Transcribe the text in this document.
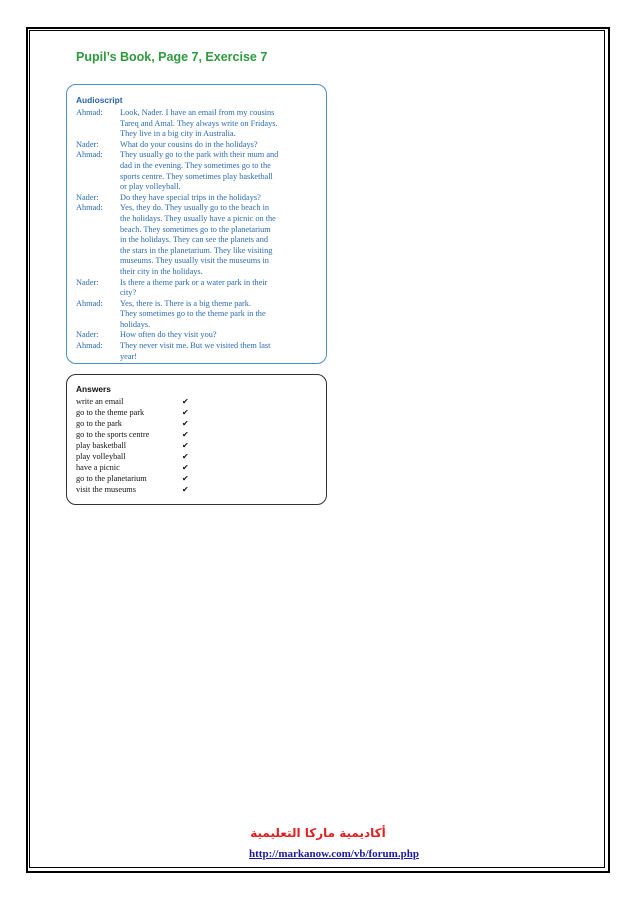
Pupil’s Book, Page 7, Exercise 7
Audioscript
Ahmad:	Look, Nader. I have an email from my cousins
Tareq and Amal. They always write on Fridays.
They live in a big city in Australia.
Nader:	What do your cousins do in the holidays?
Ahmad:	They usually go to the park with their mum and
dad in the evening. They sometimes go to the
sports centre. They sometimes play basketball
or play volleyball.
Nader:	Do they have special trips in the holidays?
Ahmad:	Yes, they do. They usually go to the beach in
the holidays. They usually have a picnic on the
beach. They sometimes go to the planetarium
in the holidays. They can see the planets and
the stars in the planetarium. They like visiting
museums. They usually visit the museums in
their city in the holidays.
Nader:	Is there a theme park or a water park in their
city?
Ahmad:	Yes, there is. There is a big theme park.
They sometimes go to the theme park in the
holidays.
Nader:	How often do they visit you?
Ahmad:	They never visit me. But we visited them last
year!
Answers
write an email	✔
go to the theme park	✔
go to the park	✔
go to the sports centre	✔
play basketball	✔
play volleyball	✔
have a picnic	✔
go to the planetarium	✔
visit the museums	✔
أكاديمية ماركا التعليمية
http://markanow.com/vb/forum.php
